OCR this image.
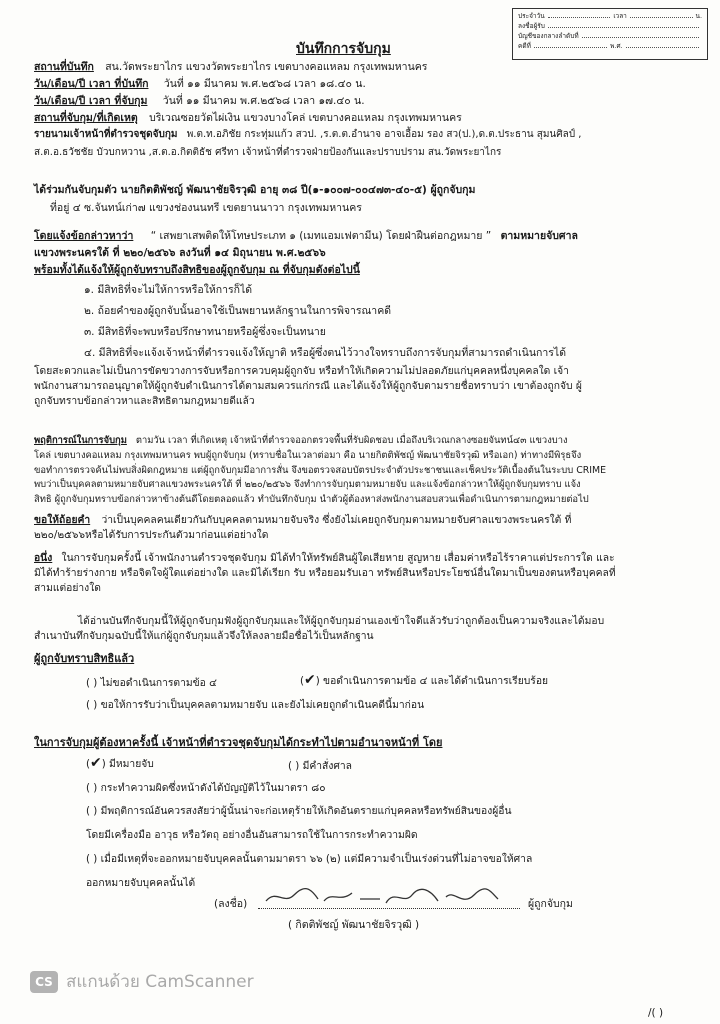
ประจำวัน	เวลา	น.
ลงชื่อผู้รับ
บัญชีของกลางลำดับที่
คดีที่	พ.ศ.
บันทึกการจับกุม
สถานที่บันทึก สน.วัดพระยาไกร แขวงวัดพระยาไกร เขตบางคอแหลม กรุงเทพมหานคร
วัน/เดือน/ปี เวลา ที่บันทึก วันที่ ๑๑ มีนาคม พ.ศ.๒๕๖๘ เวลา ๑๘.๔๐ น.
วัน/เดือน/ปี เวลา ที่จับกุม วันที่ ๑๑ มีนาคม พ.ศ.๒๕๖๘ เวลา ๑๗.๔๐ น.
สถานที่จับกุม/ที่เกิดเหตุ บริเวณซอยวัดไผ่เงิน แขวงบางโคล่ เขตบางคอแหลม กรุงเทพมหานคร
รายนามเจ้าหน้าที่ตำรวจชุดจับกุม พ.ต.ท.อภิชัย กระทุ่มแก้ว สวป. ,ร.ต.ต.อำนาจ อาจเอื้อม รอง สว(ป.),ด.ต.ประธาน สุมนศิลป์ ,
ส.ต.อ.ธวัชชัย บัวบกหวาน ,ส.ต.อ.กิตติธัช ศรีทา เจ้าหน้าที่ตำรวจฝ่ายป้องกันและปราบปราม สน.วัดพระยาไกร
ได้ร่วมกันจับกุมตัว นายกิตติพัชญ์ พัฒนาชัยจิรวุฒิ อายุ ๓๘ ปี(๑-๑๐๐๗-๐๐๔๗๓-๔๐-๕) ผู้ถูกจับกุม
ที่อยู่ ๔ ซ.จันทน์เก่า๗ แขวงช่องนนทรี เขตยานนาวา กรุงเทพมหานคร
โดยแจ้งข้อกล่าวหาว่า “ เสพยาเสพติดให้โทษประเภท ๑ (เมทแอมเฟตามีน) โดยฝ่าฝืนต่อกฎหมาย ” ตามหมายจับศาล
แขวงพระนครใต้ ที่ ๒๒๐/๒๕๖๖ ลงวันที่ ๑๔ มิถุนายน พ.ศ.๒๕๖๖
พร้อมทั้งได้แจ้งให้ผู้ถูกจับทราบถึงสิทธิของผู้ถูกจับกุม ณ ที่จับกุมดังต่อไปนี้
๑. มีสิทธิที่จะไม่ให้การหรือให้การก็ได้
๒. ถ้อยคำของผู้ถูกจับนั้นอาจใช้เป็นพยานหลักฐานในการพิจารณาคดี
๓. มีสิทธิที่จะพบหรือปรึกษาทนายหรือผู้ซึ่งจะเป็นทนาย
๔. มีสิทธิที่จะแจ้งเจ้าหน้าที่ตำรวจแจ้งให้ญาติ หรือผู้ซึ่งตนไว้วางใจทราบถึงการจับกุมที่สามารถดำเนินการได้
โดยสะดวกและไม่เป็นการขัดขวางการจับหรือการควบคุมผู้ถูกจับ หรือทำให้เกิดความไม่ปลอดภัยแก่บุคคลหนึ่งบุคคลใด เจ้า
พนักงานสามารถอนุญาตให้ผู้ถูกจับดำเนินการได้ตามสมควรแก่กรณี และได้แจ้งให้ผู้ถูกจับตามรายชื่อทราบว่า เขาต้องถูกจับ ผู้
ถูกจับทราบข้อกล่าวหาและสิทธิตามกฎหมายดีแล้ว
พฤติการณ์ในการจับกุม ตามวัน เวลา ที่เกิดเหตุ เจ้าหน้าที่ตำรวจออกตรวจพื้นที่รับผิดชอบ เมื่อถึงบริเวณกลางซอยจันทน์๔๓ แขวงบาง
โคล่ เขตบางคอแหลม กรุงเทพมหานคร พบผู้ถูกจับกุม (ทราบชื่อในเวลาต่อมา คือ นายกิตติพัชญ์ พัฒนาชัยจิรวุฒิ หรือเอก) ท่าทางมีพิรุธจึง
ขอทำการตรวจค้นไม่พบสิ่งผิดกฎหมาย แต่ผู้ถูกจับกุมมีอาการสั่น จึงขอตรวจสอบบัตรประจำตัวประชาชนและเช็คประวัติเบื้องต้นในระบบ CRIME
พบว่าเป็นบุคคลตามหมายจับศาลแขวงพระนครใต้ ที่ ๒๒๐/๒๕๖๖ จึงทำการจับกุมตามหมายจับ และแจ้งข้อกล่าวหาให้ผู้ถูกจับกุมทราบ แจ้ง
สิทธิ ผู้ถูกจับกุมทราบข้อกล่าวหาข้างต้นดีโดยตลอดแล้ว ทำบันทึกจับกุม นำตัวผู้ต้องหาส่งพนักงานสอบสวนเพื่อดำเนินการตามกฎหมายต่อไป
ขอให้ถ้อยคำ ว่าเป็นบุคคลคนเดียวกันกับบุคคลตามหมายจับจริง ซึ่งยังไม่เคยถูกจับกุมตามหมายจับศาลแขวงพระนครใต้ ที่
๒๒๐/๒๕๖๖หรือได้รับการประกันตัวมาก่อนแต่อย่างใด
อนึ่ง ในการจับกุมครั้งนี้ เจ้าพนักงานตำรวจชุดจับกุม มิได้ทำให้ทรัพย์สินผู้ใดเสียหาย สูญหาย เสื่อมค่าหรือไร้ราคาแต่ประการใด และ
มิได้ทำร้ายร่างกาย หรือจิตใจผู้ใดแต่อย่างใด และมิได้เรียก รับ หรือยอมรับเอา ทรัพย์สินหรือประโยชน์อื่นใดมาเป็นของตนหรือบุคคลที่
สามแต่อย่างใด
ได้อ่านบันทึกจับกุมนี้ให้ผู้ถูกจับกุมฟังผู้ถูกจับกุมและให้ผู้ถูกจับกุมอ่านเองเข้าใจดีแล้วรับว่าถูกต้องเป็นความจริงและได้มอบ
สำเนาบันทึกจับกุมฉบับนี้ให้แก่ผู้ถูกจับกุมแล้วจึงให้ลงลายมือชื่อไว้เป็นหลักฐาน
ผู้ถูกจับทราบสิทธิแล้ว
( ) ไม่ขอดำเนินการตามข้อ ๔	(✔) ขอดำเนินการตามข้อ ๔ และได้ดำเนินการเรียบร้อย
( ) ขอให้การรับว่าเป็นบุคคลตามหมายจับ และยังไม่เคยถูกดำเนินคดีนี้มาก่อน
ในการจับกุมผู้ต้องหาครั้งนี้ เจ้าหน้าที่ตำรวจชุดจับกุมได้กระทำไปตามอำนาจหน้าที่ โดย
(✔) มีหมายจับ	( ) มีคำสั่งศาล
( ) กระทำความผิดซึ่งหน้าดังได้บัญญัติไว้ในมาตรา ๘๐
( ) มีพฤติการณ์อันควรสงสัยว่าผู้นั้นน่าจะก่อเหตุร้ายให้เกิดอันตรายแก่บุคคลหรือทรัพย์สินของผู้อื่น
โดยมีเครื่องมือ อาวุธ หรือวัตถุ อย่างอื่นอันสามารถใช้ในการกระทำความผิด
( ) เมื่อมีเหตุที่จะออกหมายจับบุคคลนั้นตามมาตรา ๖๖ (๒) แต่มีความจำเป็นเร่งด่วนที่ไม่อาจขอให้ศาล
ออกหมายจับบุคคลนั้นได้
(ลงชื่อ)	ผู้ถูกจับกุม
( กิตติพัชญ์ พัฒนาชัยจิรวุฒิ )
/( )
CS สแกนด้วย CamScanner
